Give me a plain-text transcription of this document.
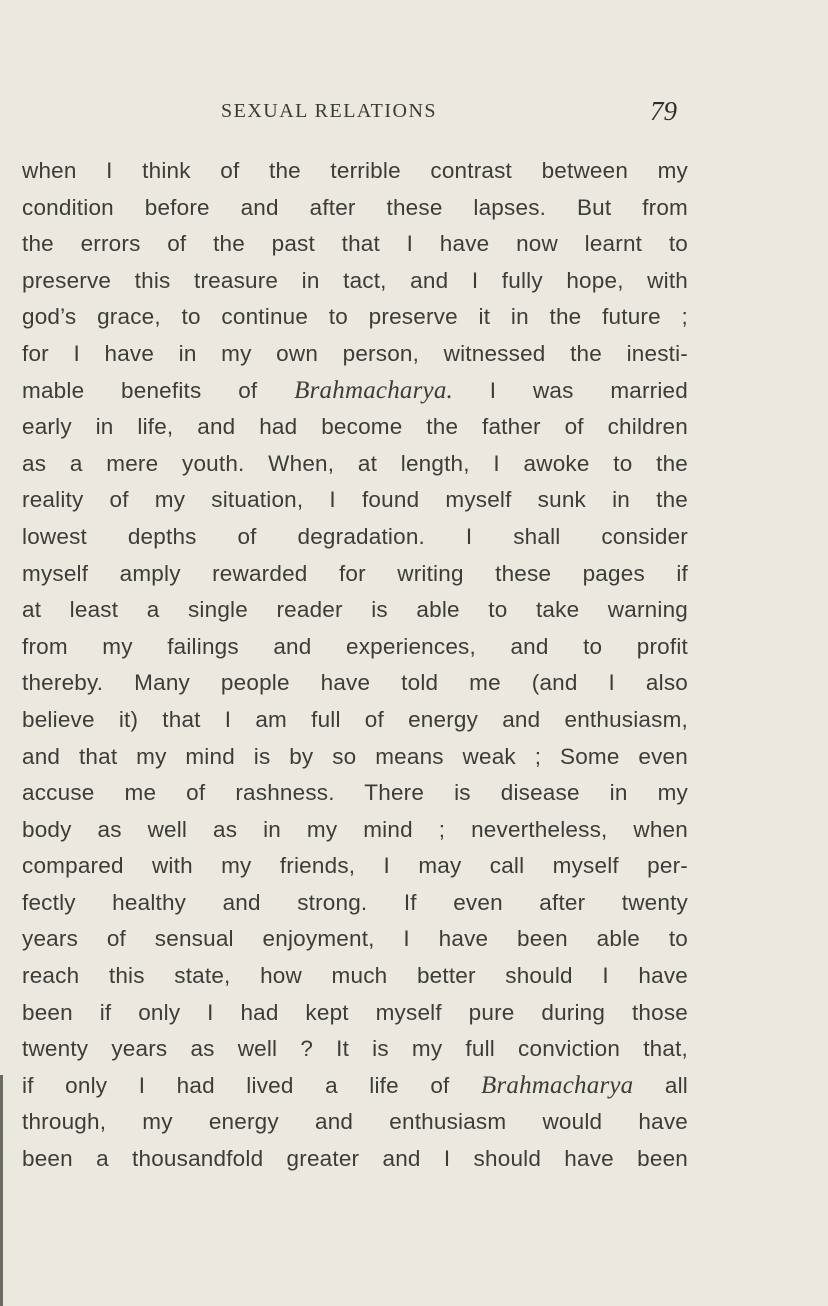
SEXUAL RELATIONS	79
when I think of the terrible contrast between my
condition before and after these lapses. But from
the errors of the past that I have now learnt to
preserve this treasure in tact, and I fully hope, with
god’s grace, to continue to preserve it in the future ;
for I have in my own person, witnessed the inesti-
mable benefits of Brahmacharya. I was married
early in life, and had become the father of children
as a mere youth. When, at length, I awoke to the
reality of my situation, I found myself sunk in the
lowest depths of degradation. I shall consider
myself amply rewarded for writing these pages if
at least a single reader is able to take warning
from my failings and experiences, and to profit
thereby. Many people have told me (and I also
believe it) that I am full of energy and enthusiasm,
and that my mind is by so means weak ; Some even
accuse me of rashness. There is disease in my
body as well as in my mind ; nevertheless, when
compared with my friends, I may call myself per-
fectly healthy and strong. If even after twenty
years of sensual enjoyment, I have been able to
reach this state, how much better should I have
been if only I had kept myself pure during those
twenty years as well ? It is my full conviction that,
if only I had lived a life of Brahmacharya all
through, my energy and enthusiasm would have
been a thousandfold greater and I should have been
